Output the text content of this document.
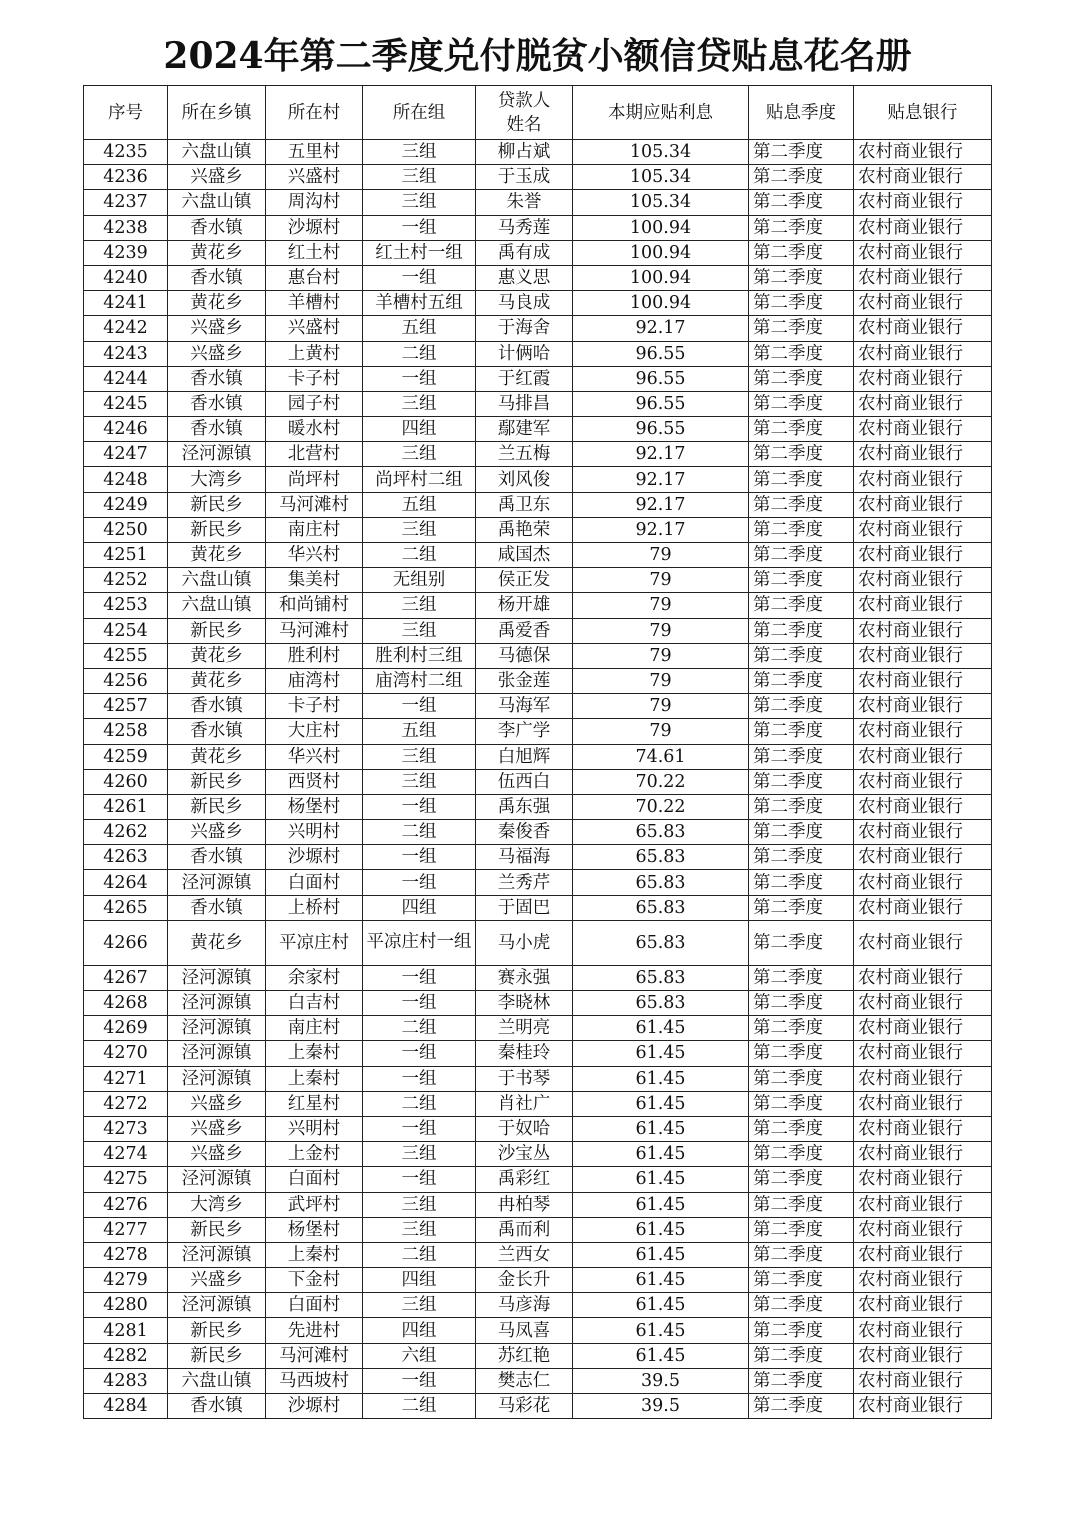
2024年第二季度兑付脱贫小额信贷贴息花名册
序号	所在乡镇	所在村	所在组	贷款人姓名	本期应贴利息	贴息季度	贴息银行
4235	六盘山镇	五里村	三组	柳占斌	105.34	第二季度	农村商业银行
4236	兴盛乡	兴盛村	三组	于玉成	105.34	第二季度	农村商业银行
4237	六盘山镇	周沟村	三组	朱誉	105.34	第二季度	农村商业银行
4238	香水镇	沙塬村	一组	马秀莲	100.94	第二季度	农村商业银行
4239	黄花乡	红土村	红土村一组	禹有成	100.94	第二季度	农村商业银行
4240	香水镇	惠台村	一组	惠义思	100.94	第二季度	农村商业银行
4241	黄花乡	羊槽村	羊槽村五组	马良成	100.94	第二季度	农村商业银行
4242	兴盛乡	兴盛村	五组	于海舍	92.17	第二季度	农村商业银行
4243	兴盛乡	上黄村	二组	计俩哈	96.55	第二季度	农村商业银行
4244	香水镇	卡子村	一组	于红霞	96.55	第二季度	农村商业银行
4245	香水镇	园子村	三组	马排昌	96.55	第二季度	农村商业银行
4246	香水镇	暖水村	四组	鄢建军	96.55	第二季度	农村商业银行
4247	泾河源镇	北营村	三组	兰五梅	92.17	第二季度	农村商业银行
4248	大湾乡	尚坪村	尚坪村二组	刘风俊	92.17	第二季度	农村商业银行
4249	新民乡	马河滩村	五组	禹卫东	92.17	第二季度	农村商业银行
4250	新民乡	南庄村	三组	禹艳荣	92.17	第二季度	农村商业银行
4251	黄花乡	华兴村	二组	咸国杰	79	第二季度	农村商业银行
4252	六盘山镇	集美村	无组别	侯正发	79	第二季度	农村商业银行
4253	六盘山镇	和尚铺村	三组	杨开雄	79	第二季度	农村商业银行
4254	新民乡	马河滩村	三组	禹爱香	79	第二季度	农村商业银行
4255	黄花乡	胜利村	胜利村三组	马德保	79	第二季度	农村商业银行
4256	黄花乡	庙湾村	庙湾村二组	张金莲	79	第二季度	农村商业银行
4257	香水镇	卡子村	一组	马海军	79	第二季度	农村商业银行
4258	香水镇	大庄村	五组	李广学	79	第二季度	农村商业银行
4259	黄花乡	华兴村	三组	白旭辉	74.61	第二季度	农村商业银行
4260	新民乡	西贤村	三组	伍西白	70.22	第二季度	农村商业银行
4261	新民乡	杨堡村	一组	禹东强	70.22	第二季度	农村商业银行
4262	兴盛乡	兴明村	二组	秦俊香	65.83	第二季度	农村商业银行
4263	香水镇	沙塬村	一组	马福海	65.83	第二季度	农村商业银行
4264	泾河源镇	白面村	一组	兰秀芹	65.83	第二季度	农村商业银行
4265	香水镇	上桥村	四组	于固巴	65.83	第二季度	农村商业银行
4266	黄花乡	平凉庄村	平凉庄村一组	马小虎	65.83	第二季度	农村商业银行
4267	泾河源镇	余家村	一组	赛永强	65.83	第二季度	农村商业银行
4268	泾河源镇	白吉村	一组	李晓林	65.83	第二季度	农村商业银行
4269	泾河源镇	南庄村	二组	兰明亮	61.45	第二季度	农村商业银行
4270	泾河源镇	上秦村	一组	秦桂玲	61.45	第二季度	农村商业银行
4271	泾河源镇	上秦村	一组	于书琴	61.45	第二季度	农村商业银行
4272	兴盛乡	红星村	二组	肖社广	61.45	第二季度	农村商业银行
4273	兴盛乡	兴明村	一组	于奴哈	61.45	第二季度	农村商业银行
4274	兴盛乡	上金村	三组	沙宝丛	61.45	第二季度	农村商业银行
4275	泾河源镇	白面村	一组	禹彩红	61.45	第二季度	农村商业银行
4276	大湾乡	武坪村	三组	冉柏琴	61.45	第二季度	农村商业银行
4277	新民乡	杨堡村	三组	禹而利	61.45	第二季度	农村商业银行
4278	泾河源镇	上秦村	二组	兰西女	61.45	第二季度	农村商业银行
4279	兴盛乡	下金村	四组	金长升	61.45	第二季度	农村商业银行
4280	泾河源镇	白面村	三组	马彦海	61.45	第二季度	农村商业银行
4281	新民乡	先进村	四组	马凤喜	61.45	第二季度	农村商业银行
4282	新民乡	马河滩村	六组	苏红艳	61.45	第二季度	农村商业银行
4283	六盘山镇	马西坡村	一组	樊志仁	39.5	第二季度	农村商业银行
4284	香水镇	沙塬村	二组	马彩花	39.5	第二季度	农村商业银行
